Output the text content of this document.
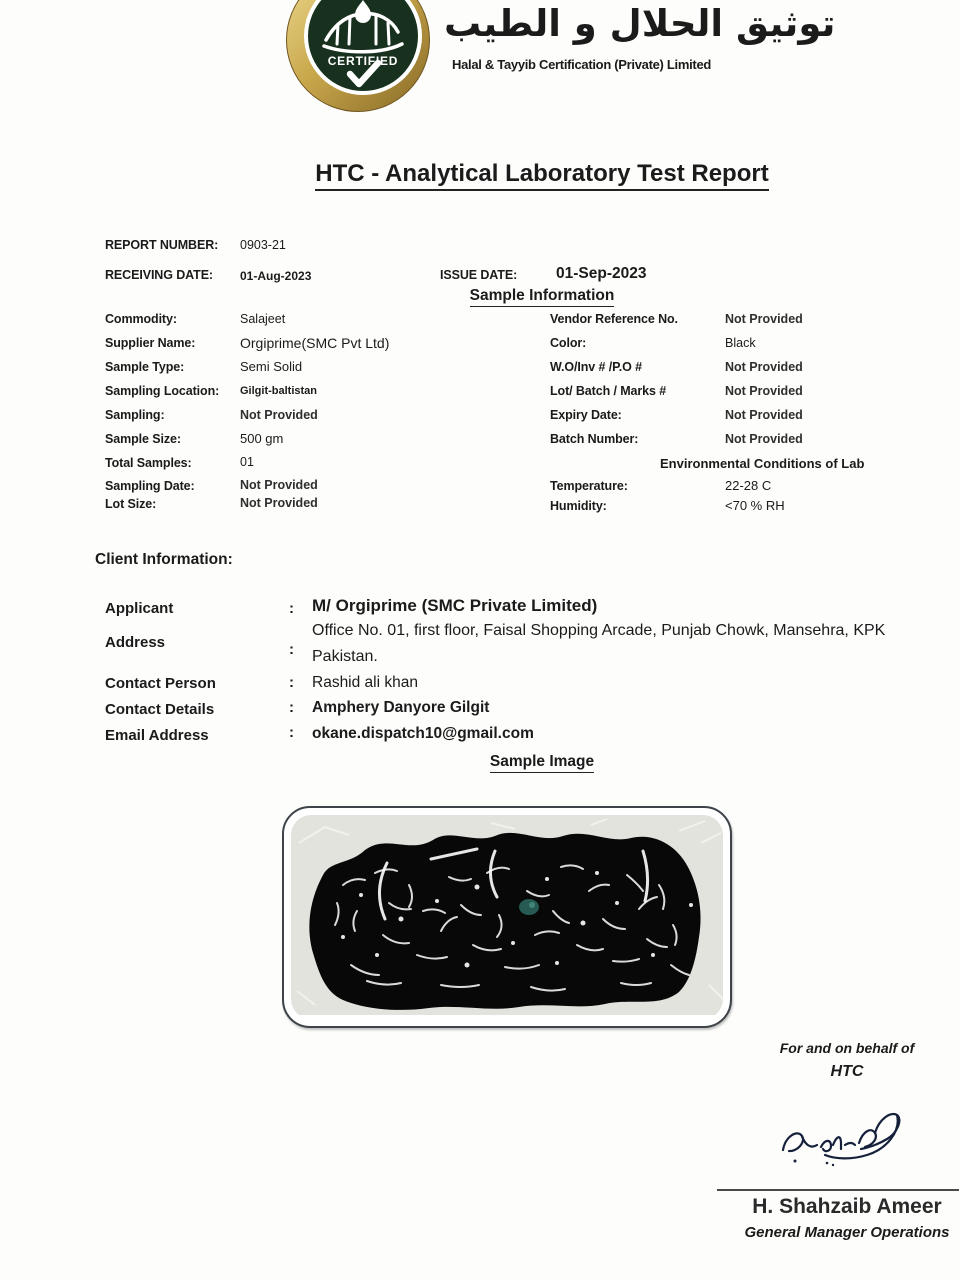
CERTIFIED
توثيق الحلال و الطيب
Halal & Tayyib Certification (Private) Limited
HTC - Analytical Laboratory Test Report
REPORT NUMBER: 0903-21
RECEIVING DATE: 01-Aug-2023	ISSUE DATE:	01-Sep-2023
Sample Information
Commodity:	Salajeet
Supplier Name:	Orgiprime(SMC Pvt Ltd)
Sample Type:	Semi Solid
Sampling Location: Gilgit-baltistan
Sampling:	Not Provided
Sample Size:	500 gm
Total Samples:	01
Sampling Date:	Not Provided
Lot Size:	Not Provided
Vendor Reference No.	Not Provided
Color:	Black
W.O/Inv # /P.O #	Not Provided
Lot/ Batch / Marks #	Not Provided
Expiry Date:	Not Provided
Batch Number:	Not Provided
Environmental Conditions of Lab
Temperature:	22-28 C
Humidity:	<70 % RH
Client Information:
Applicant	: M/ Orgiprime (SMC Private Limited)
Address	:
Office No. 01, first floor, Faisal Shopping Arcade, Punjab Chowk, Mansehra, KPK
Pakistan.
Contact Person	: Rashid ali khan
Contact Details	: Amphery Danyore Gilgit
Email Address	: okane.dispatch10@gmail.com
Sample Image
For and on behalf of
HTC
H. Shahzaib Ameer
General Manager Operations
